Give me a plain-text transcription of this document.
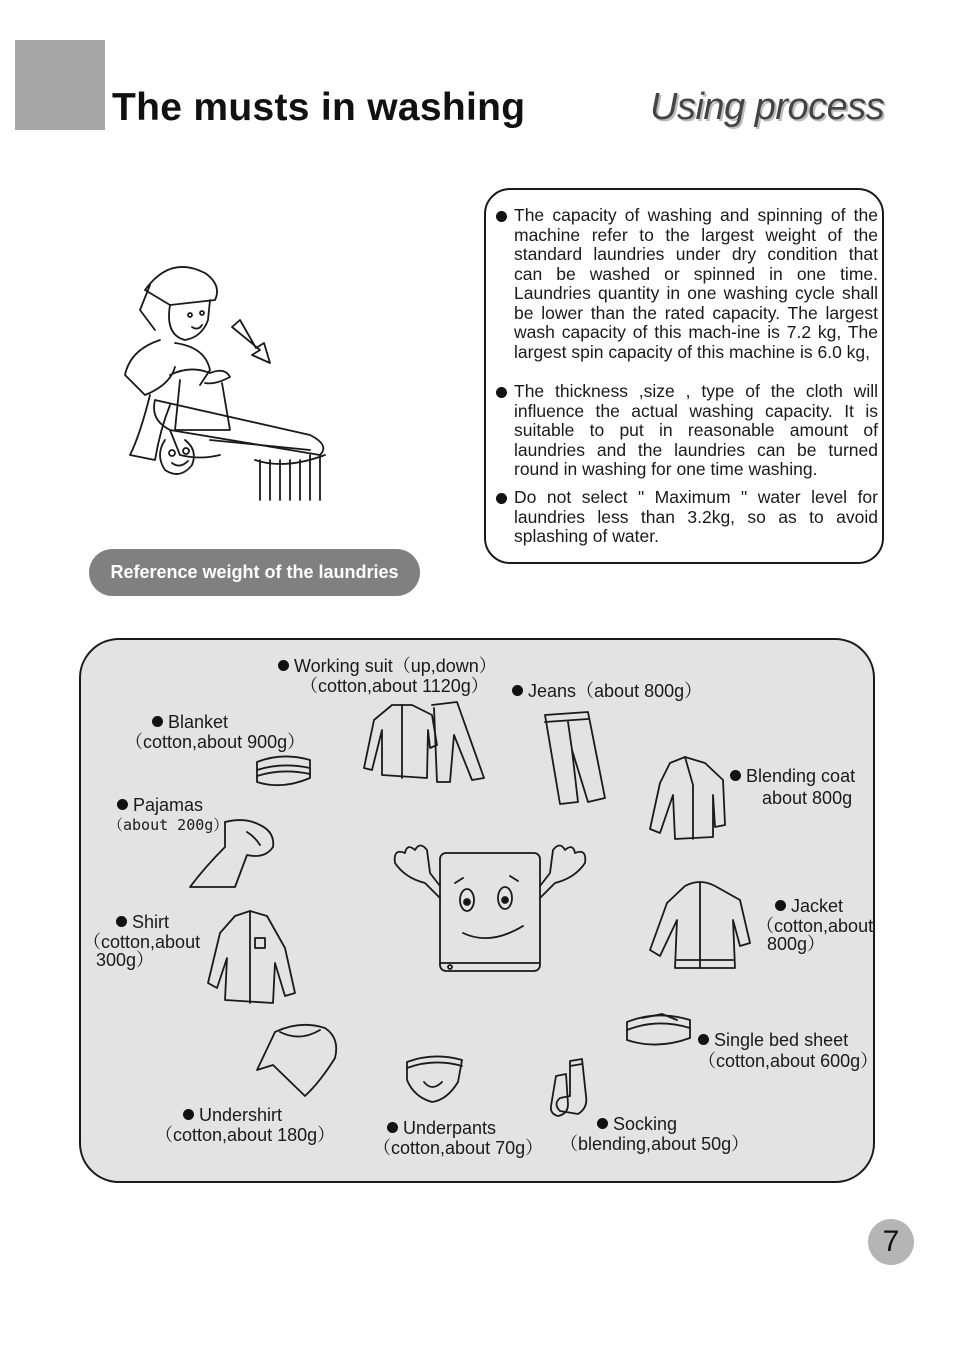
The musts in washing	Using process
The capacity of washing and spinning of the machine refer to the largest weight of the standard laundries under dry condition that can be washed or spinned in one time. Laundries quantity in one washing cycle shall be lower than the rated capacity. The largest wash capacity of this mach-ine is 7.2 kg, The largest spin capacity of this machine is 6.0 kg,
The thickness ,size , type of the cloth will influence the actual washing capacity. It is suitable to put in reasonable amount of laundries and the laundries can be turned round in washing for one time washing.
Do not select " Maximum " water level for laundries less than 3.2kg, so as to avoid splashing of water.
Reference weight of the laundries
Working suit（up,down）
（cotton,about 1120g）	Jeans（about 800g）
Blanket
（cotton,about 900g）
Blending coat
about 800g
Pajamas
（about 200g）
Jacket
（cotton,about
800g）
Shirt
（cotton,about
300g）
Single bed sheet
（cotton,about 600g）
Undershirt
（cotton,about 180g）	Underpants
（cotton,about 70g）
Socking
（blending,about 50g）
7
